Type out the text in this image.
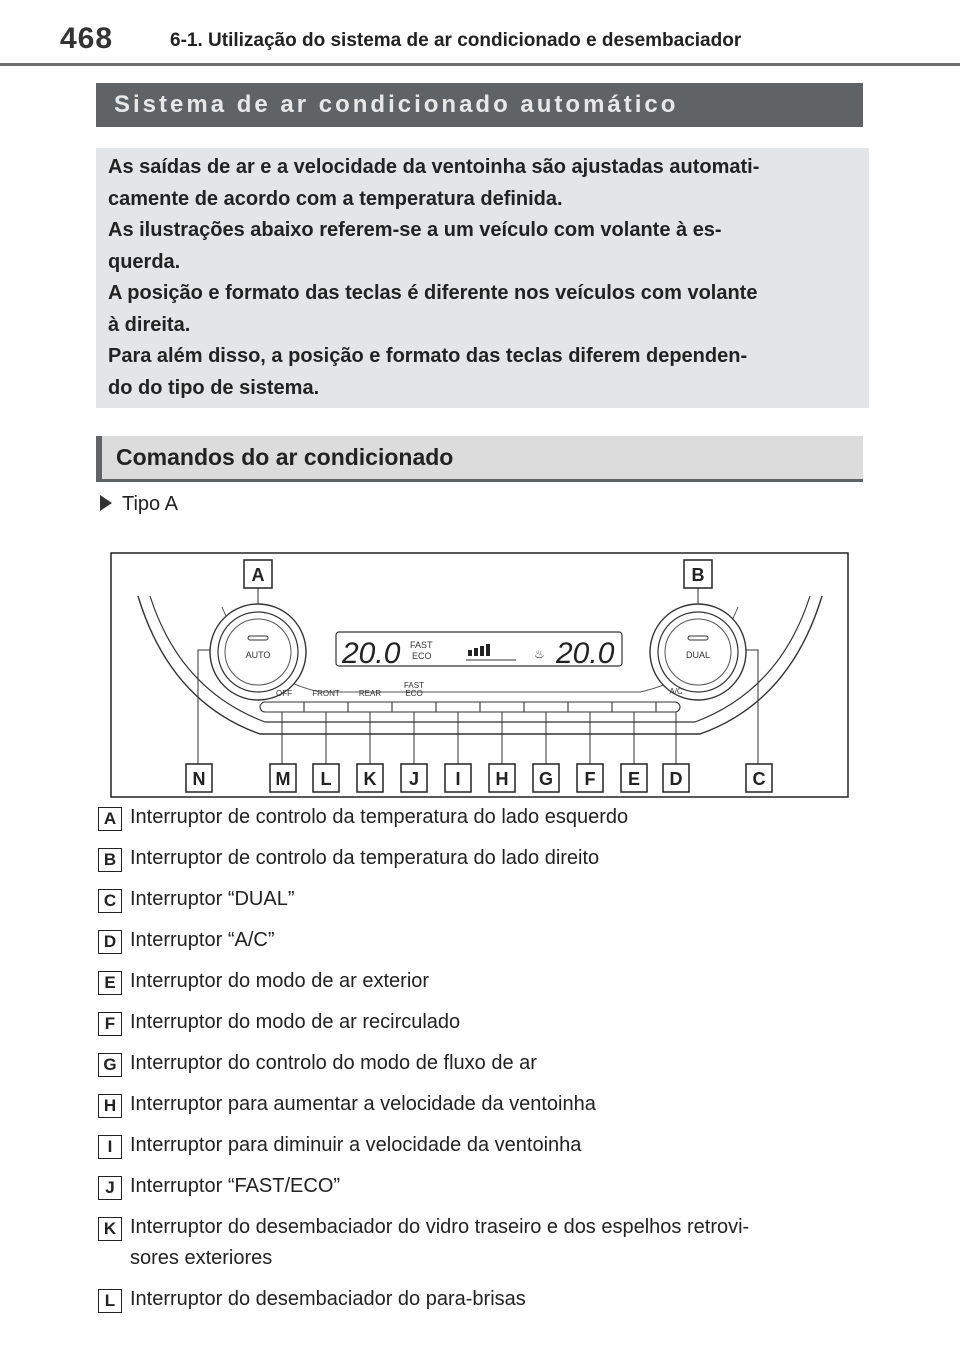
468	6-1. Utilização do sistema de ar condicionado e desembaciador
Sistema de ar condicionado automático

As saídas de ar e a velocidade da ventoinha são ajustadas automati-
camente de acordo com a temperatura definida.
As ilustrações abaixo referem-se a um veículo com volante à es-
querda.
A posição e formato das teclas é diferente nos veículos com volante
à direita.
Para além disso, a posição e formato das teclas diferem dependen-
do do tipo de sistema.

Comandos do ar condicionado
Tipo A
AUTO	DUAL
20.0 FAST
ECO	♨ 20.0
OFF	FRONT REAR
FAST
ECO	A/C
A	B
N	M L K J I H G F E D	C
A Interruptor de controlo da temperatura do lado esquerdo
B Interruptor de controlo da temperatura do lado direito
C Interruptor “DUAL”
D Interruptor “A/C”
E Interruptor do modo de ar exterior
F Interruptor do modo de ar recirculado
G Interruptor do controlo do modo de fluxo de ar
H Interruptor para aumentar a velocidade da ventoinha
I Interruptor para diminuir a velocidade da ventoinha
J Interruptor “FAST/ECO”
K Interruptor do desembaciador do vidro traseiro e dos espelhos retrovi-
sores exteriores
L Interruptor do desembaciador do para-brisas
